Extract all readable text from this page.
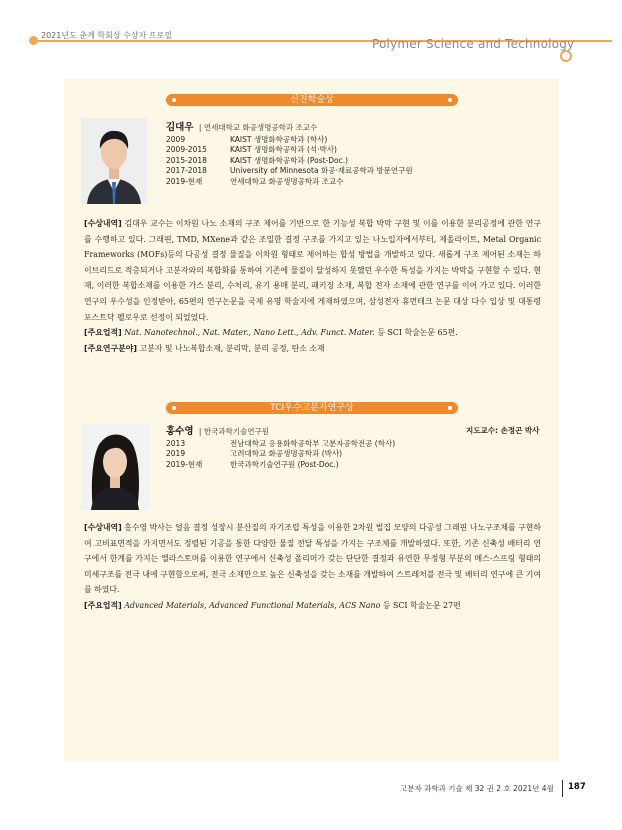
2021년도 춘계 학회상 수상자 프로필
Polymer Science and Technology
신진학술상
김대우 | 연세대학교 화공생명공학과 조교수
2009	KAIST 생명화학공학과 (학사)
2009-2015	KAIST 생명화학공학과 (석·박사)
2015-2018	KAIST 생명화학공학과 (Post-Doc.)
2017-2018	University of Minnesota 화공·재료공학과 방문연구원
2019-현재	연세대학교 화공생명공학과 조교수

[수상내역] 김대우 교수는 이차원 나노 소재의 구조 제어를 기반으로 한 기능성 복합 박막 구현 및 이를 이용한 분리공정에 관한 연구를 수행하고 있다. 그래핀, TMD, MXene과 같은 조밀한 결정 구조를 가지고 있는 나노입자에서부터, 제올라이트, Metal Organic Frameworks (MOFs)등의 다공성 결정 물질을 이차원 형태로 제어하는 합성 방법을 개발하고 있다. 새롭게 구조 제어된 소재는 하이브리드로 적층되거나 고분자와의 복합화를 통하여 기존에 물질이 달성하지 못했던 우수한 특성을 가지는 박막을 구현할 수 있다. 현재, 이러한 복합소재를 이용한 가스 분리, 수처리, 유기 용매 분리, 패키징 소재, 복합 전자 소재에 관한 연구를 이어 가고 있다. 이러한 연구의 우수성을 인정받아, 65편의 연구논문을 국제 유명 학술지에 게재하였으며, 삼성전자 휴먼테크 논문 대상 다수 입상 및 대통령 포스트닥 펠로우로 선정이 되었었다.

[주요업적] Nat. Nanotechnol., Nat. Mater., Nano Lett., Adv. Funct. Mater. 등 SCI 학술논문 65편.

[주요연구분야] 고분자 및 나노복합소재, 분리막, 분리 공정, 탄소 소재

TCI우수고분자연구상
홍수영 | 한국과학기술연구원	지도교수: 손정곤 박사
2013	전남대학교 응용화학공학부 고분자공학전공 (학사)
2019	고려대학교 화공생명공학과 (박사)
2019-현재	한국과학기술연구원 (Post-Doc.)

[수상내역] 홍수영 박사는 얼음 결정 성장시 분산질의 자기조립 특성을 이용한 2차원 벌집 모양의 다공성 그래핀 나노구조체를 구현하여 고비표면적을 가지면서도 정렬된 기공을 통한 다양한 물질 전달 특성을 가지는 구조체를 개발하였다. 또한, 기존 신축성 배터리 연구에서 한계를 가지는 엘라스토머를 이용한 연구에서 신축성 폴리머가 갖는 단단한 결정과 유연한 무정형 부분의 메스-스프링 형태의 미세구조를 전극 내에 구현함으로써, 전극 소재만으로 높은 신축성을 갖는 소재를 개발하여 스트레처블 전극 및 배터리 연구에 큰 기여를 하였다.

[주요업적] Advanced Materials, Advanced Functional Materials, ACS Nano 등 SCI 학술논문 27편

고분자 과학과 기술 제 32 권 2 호 2021년 4월 187
